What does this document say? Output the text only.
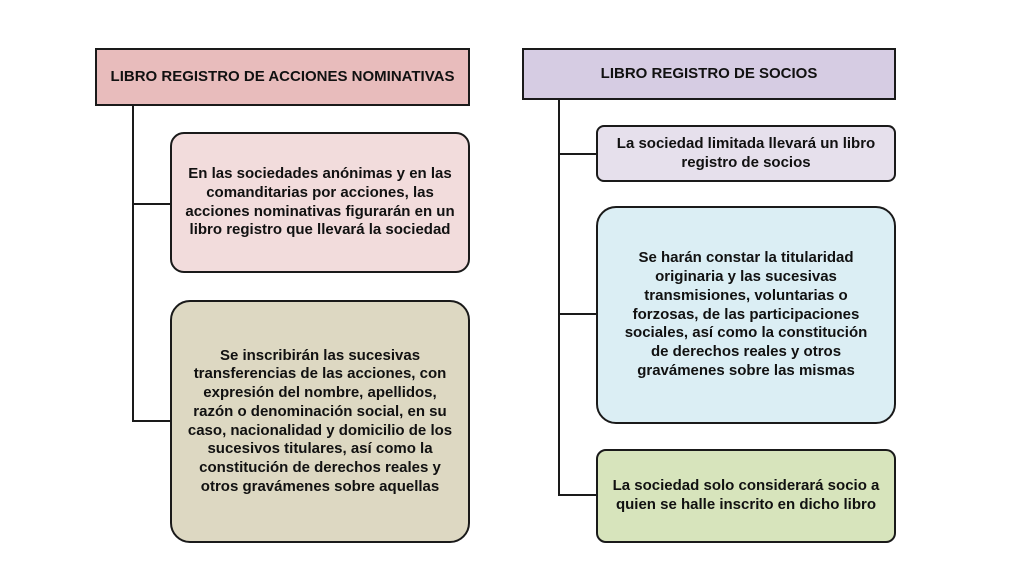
LIBRO REGISTRO DE ACCIONES NOMINATIVAS
En las sociedades anónimas y en las comanditarias por acciones, las acciones nominativas figurarán en un libro registro que llevará la sociedad
Se inscribirán las sucesivas transferencias de las acciones, con expresión del nombre, apellidos, razón o denominación social, en su caso, nacionalidad y domicilio de los sucesivos titulares, así como la constitución de derechos reales y otros gravámenes sobre aquellas
LIBRO REGISTRO DE SOCIOS
La sociedad limitada llevará un libro registro de socios
Se harán constar la titularidad originaria y las sucesivas transmisiones, voluntarias o forzosas, de las participaciones sociales, así como la constitución de derechos reales y otros gravámenes sobre las mismas
La sociedad solo considerará socio a quien se halle inscrito en dicho libro
